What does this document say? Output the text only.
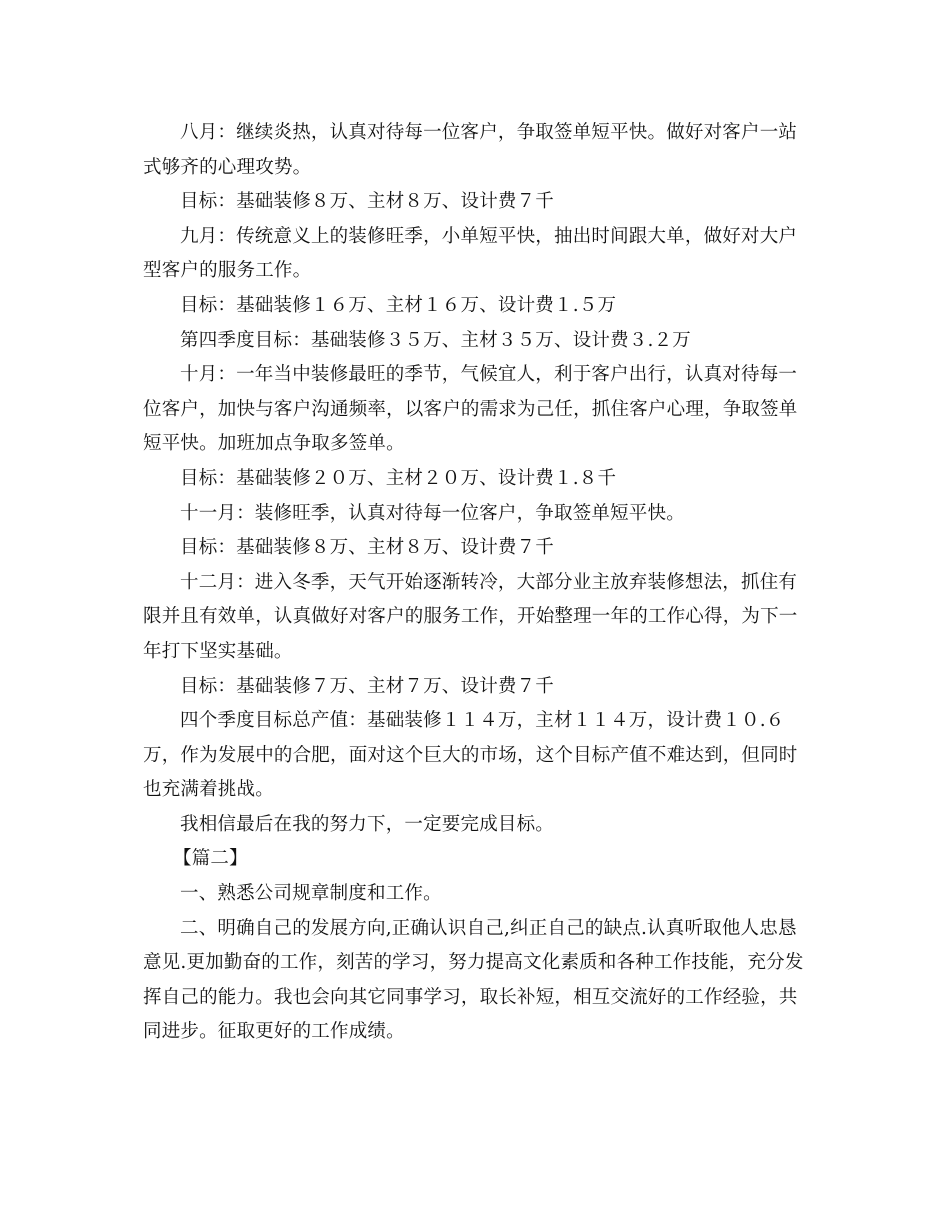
八月：继续炎热，认真对待每一位客户，争取签单短平快。做好对客户一站式够齐的心理攻势。

目标：基础装修８万、主材８万、设计费７千

九月：传统意义上的装修旺季，小单短平快，抽出时间跟大单，做好对大户型客户的服务工作。

目标：基础装修１６万、主材１６万、设计费１.５万

第四季度目标：基础装修３５万、主材３５万、设计费３.２万

十月：一年当中装修最旺的季节，气候宜人，利于客户出行，认真对待每一位客户，加快与客户沟通频率，以客户的需求为己任，抓住客户心理，争取签单短平快。加班加点争取多签单。

目标：基础装修２０万、主材２０万、设计费１.８千

十一月：装修旺季，认真对待每一位客户，争取签单短平快。

目标：基础装修８万、主材８万、设计费７千

十二月：进入冬季，天气开始逐渐转冷，大部分业主放弃装修想法，抓住有限并且有效单，认真做好对客户的服务工作，开始整理一年的工作心得，为下一年打下坚实基础。

目标：基础装修７万、主材７万、设计费７千

四个季度目标总产值：基础装修１１４万，主材１１４万，设计费１０.６万，作为发展中的合肥，面对这个巨大的市场，这个目标产值不难达到，但同时也充满着挑战。

我相信最后在我的努力下，一定要完成目标。

【篇二】

一、熟悉公司规章制度和工作。

二、明确自己的发展方向,正确认识自己,纠正自己的缺点.认真听取他人忠恳意见.更加勤奋的工作，刻苦的学习，努力提高文化素质和各种工作技能，充分发挥自己的能力。我也会向其它同事学习，取长补短，相互交流好的工作经验，共同进步。征取更好的工作成绩。
